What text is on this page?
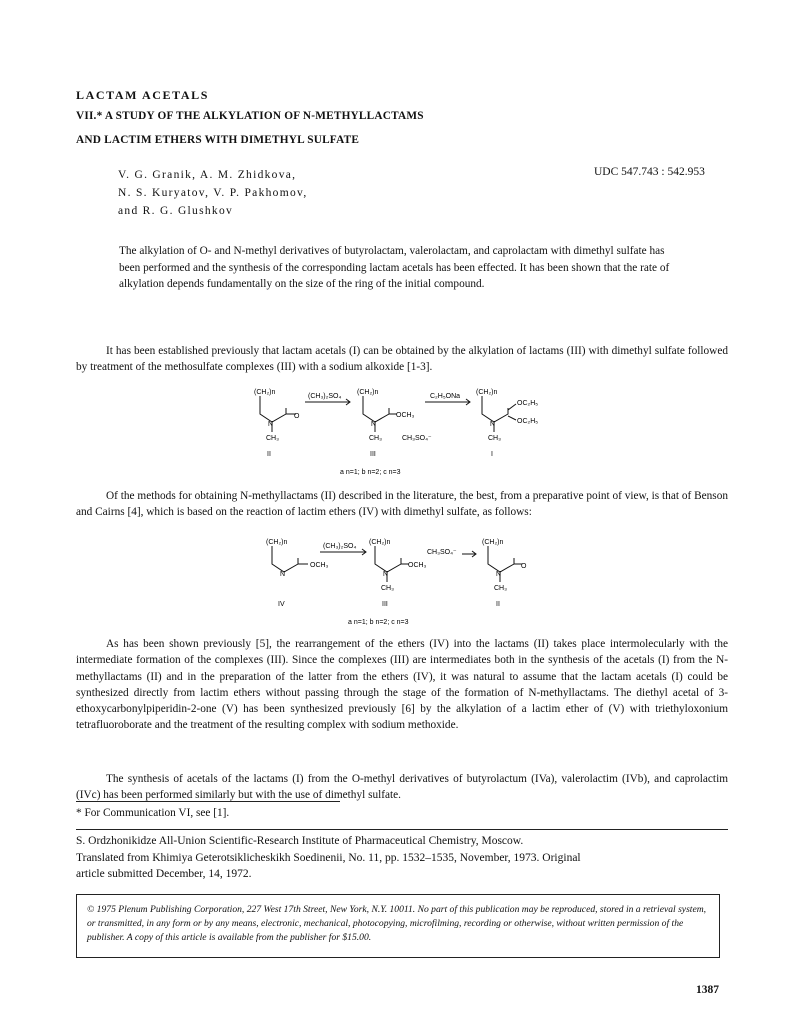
LACTAM ACETALS
VII.* A STUDY OF THE ALKYLATION OF N-METHYLLACTAMS
AND LACTIM ETHERS WITH DIMETHYL SULFATE
V. G. Granik, A. M. Zhidkova,
N. S. Kuryatov, V. P. Pakhomov,
and R. G. Glushkov
UDC 547.743 : 542.953
The alkylation of O- and N-methyl derivatives of butyrolactam, valerolactam, and caprolactam with dimethyl sulfate has been performed and the synthesis of the corresponding lactam acetals has been effected. It has been shown that the rate of alkylation depends fundamentally on the size of the ring of the initial compound.
It has been established previously that lactam acetals (I) can be obtained by the alkylation of lactams (III) with dimethyl sulfate followed by treatment of the methosulfate complexes (III) with a sodium alkoxide [1-3].
(CH₂)n
O
N
CH₃
(CH₃)₂SO₄
(CH₂)n
OCH₃
N
CH₃	CH₃SO₄⁻
C₂H₅ONa
(CH₂)n
OC₂H₅
OC₂H₅
N
CH₃
II	III	I
a n=1; b n=2; c n=3
Of the methods for obtaining N-methyllactams (II) described in the literature, the best, from a preparative point of view, is that of Benson and Cairns [4], which is based on the reaction of lactim ethers (IV) with dimethyl sulfate, as follows:
(CH₂)n
N
OCH₃
(CH₃)₂SO₄
(CH₂)n
OCH₃
N
CH₃
CH₃SO₄⁻
(CH₂)n
O
N
CH₃
IV	III	II
a n=1; b n=2; c n=3
As has been shown previously [5], the rearrangement of the ethers (IV) into the lactams (II) takes place intermolecularly with the intermediate formation of the complexes (III). Since the complexes (III) are intermediates both in the synthesis of the acetals (I) from the N-methyllactams (II) and in the preparation of the latter from the ethers (IV), it was natural to assume that the lactam acetals (I) could be synthesized directly from lactim ethers without passing through the stage of the formation of N-methyllactams. The diethyl acetal of 3-ethoxycarbonylpiperidin-2-one (V) has been synthesized previously [6] by the alkylation of a lactim ether of (V) with triethyloxonium tetrafluoroborate and the treatment of the resulting complex with sodium methoxide.
The synthesis of acetals of the lactams (I) from the O-methyl derivatives of butyrolactum (IVa), valerolactim (IVb), and caprolactim (IVc) has been performed similarly but with the use of dimethyl sulfate.
* For Communication VI, see [1].
S. Ordzhonikidze All-Union Scientific-Research Institute of Pharmaceutical Chemistry, Moscow.
Translated from Khimiya Geterotsiklicheskikh Soedinenii, No. 11, pp. 1532–1535, November, 1973. Original
article submitted December, 14, 1972.
© 1975 Plenum Publishing Corporation, 227 West 17th Street, New York, N.Y. 10011. No part of this publication may be reproduced, stored in a retrieval system, or transmitted, in any form or by any means, electronic, mechanical, photocopying, microfilming, recording or otherwise, without written permission of the publisher. A copy of this article is available from the publisher for $15.00.
1387
